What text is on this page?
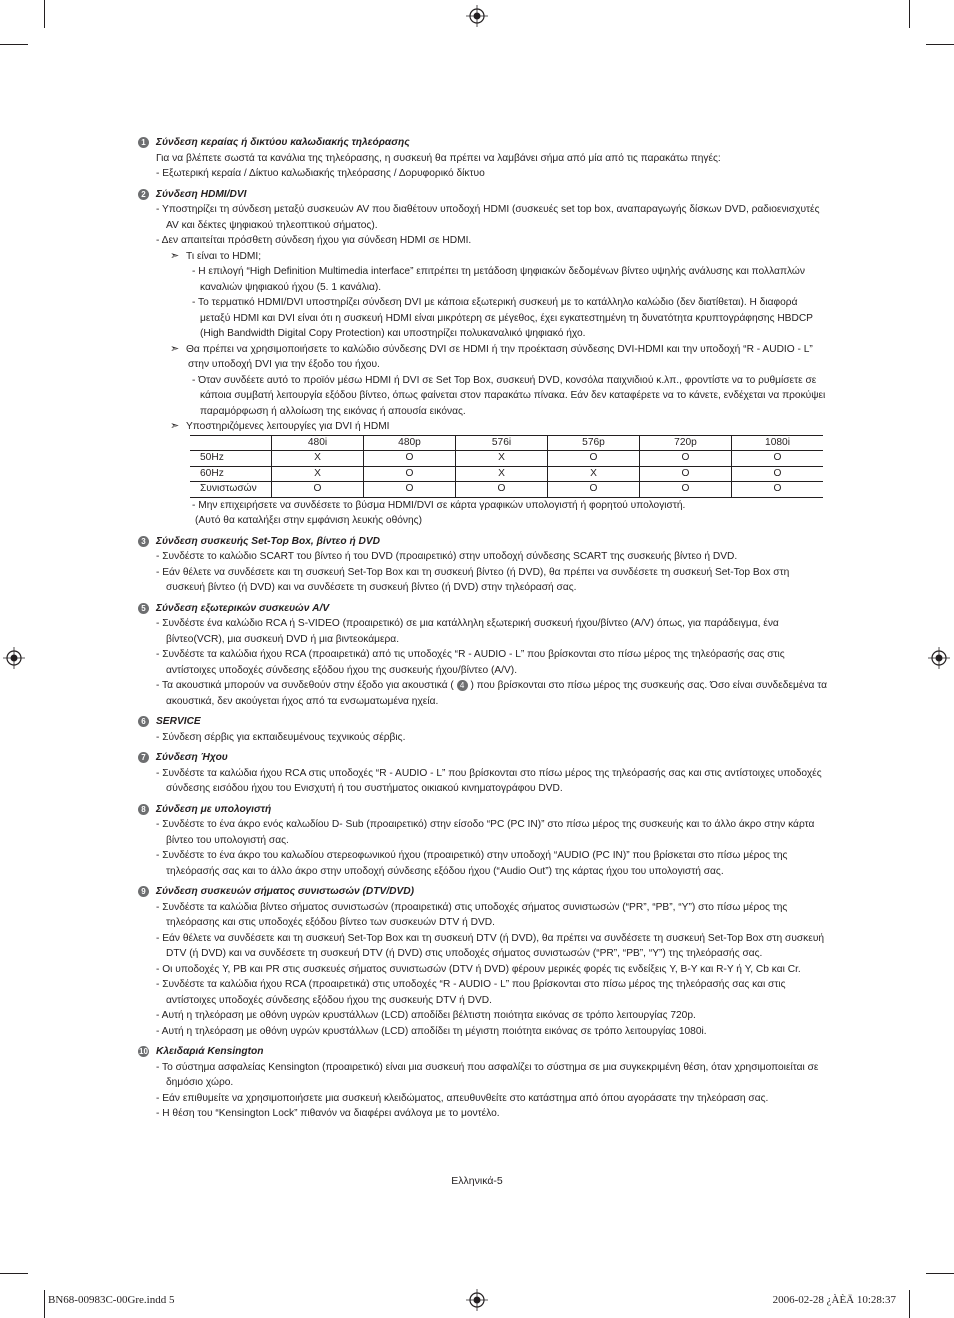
1	Σύνδεση κεραίας ή δικτύου καλωδιακής τηλεόρασης
Για να βλέπετε σωστά τα κανάλια της τηλεόρασης, η συσκευή θα πρέπει να λαμβάνει σήμα από μία από τις παρακάτω πηγές:
- Εξωτερική κεραία / Δίκτυο καλωδιακής τηλεόρασης / Δορυφορικό δίκτυο
2	Σύνδεση HDMI/DVI
- Υποστηρίζει τη σύνδεση μεταξύ συσκευών AV που διαθέτουν υποδοχή HDMI (συσκευές set top box, αναπαραγωγής δίσκων DVD, ραδιοενισχυτές AV και δέκτες ψηφιακού τηλεοπτικού σήματος).
- Δεν απαιτείται πρόσθετη σύνδεση ήχου για σύνδεση HDMI σε HDMI.
➣ Τι είναι το HDMI;
- Η επιλογή “High Definition Multimedia interface” επιτρέπει τη μετάδοση ψηφιακών δεδομένων βίντεο υψηλής ανάλυσης και πολλαπλών καναλιών ψηφιακού ήχου (5. 1 κανάλια).
- Το τερματικό HDMI/DVI υποστηρίζει σύνδεση DVI με κάποια εξωτερική συσκευή με το κατάλληλο καλώδιο (δεν διατίθεται). Η διαφορά μεταξύ HDMI και DVI είναι ότι η συσκευή HDMI είναι μικρότερη σε μέγεθος, έχει εγκατεστημένη τη δυνατότητα κρυπτογράφησης HBDCP (High Bandwidth Digital Copy Protection) και υποστηρίζει πολυκαναλικό ψηφιακό ήχο.
➣ Θα πρέπει να χρησιμοποιήσετε το καλώδιο σύνδεσης DVI σε HDMI ή την προέκταση σύνδεσης DVI-HDMI και την υποδοχή “R - AUDIO - L” στην υποδοχή DVI για την έξοδο του ήχου.
- Όταν συνδέετε αυτό το προϊόν μέσω HDMI ή DVI σε Set Top Box, συσκευή DVD, κονσόλα παιχνιδιού κ.λπ., φροντίστε να το ρυθμίσετε σε κάποια συμβατή λειτουργία εξόδου βίντεο, όπως φαίνεται στον παρακάτω πίνακα. Εάν δεν καταφέρετε να το κάνετε, ενδέχεται να προκύψει παραμόρφωση ή αλλοίωση της εικόνας ή απουσία εικόνας.
➣ Υποστηριζόμενες λειτουργίες για DVI ή HDMI
	480i	480p	576i	576p	720p	1080i
50Hz	X	O	X	O	O	O
60Hz	X	O	X	X	O	O
Συνιστωσών	O	O	O	O	O	O
- Μην επιχειρήσετε να συνδέσετε το βύσμα HDMI/DVI σε κάρτα γραφικών υπολογιστή ή φορητού υπολογιστή.
(Αυτό θα καταλήξει στην εμφάνιση λευκής οθόνης)
3	Σύνδεση συσκευής Set-Top Box, βίντεο ή DVD
- Συνδέστε το καλώδιο SCART του βίντεο ή του DVD (προαιρετικό) στην υποδοχή σύνδεσης SCART της συσκευής βίντεο ή DVD.
- Εάν θέλετε να συνδέσετε και τη συσκευή Set-Top Box και τη συσκευή βίντεο (ή DVD), θα πρέπει να συνδέσετε τη συσκευή Set-Top Box στη συσκευή βίντεο (ή DVD) και να συνδέσετε τη συσκευή βίντεο (ή DVD) στην τηλεόρασή σας.
5	Σύνδεση εξωτερικών συσκευών A/V
- Συνδέστε ένα καλώδιο RCA ή S-VIDEO (προαιρετικό) σε μια κατάλληλη εξωτερική συσκευή ήχου/βίντεο (A/V) όπως, για παράδειγμα, ένα βίντεο(VCR), μια συσκευή DVD ή μια βιντεοκάμερα.
- Συνδέστε τα καλώδια ήχου RCA (προαιρετικά) από τις υποδοχές “R - AUDIO - L” που βρίσκονται στο πίσω μέρος της τηλεόρασής σας στις αντίστοιχες υποδοχές σύνδεσης εξόδου ήχου της συσκευής ήχου/βίντεο (A/V).
- Τα ακουστικά μπορούν να συνδεθούν στην έξοδο για ακουστικά ( 4 ) που βρίσκονται στο πίσω μέρος της συσκευής σας. Όσο είναι συνδεδεμένα τα ακουστικά, δεν ακούγεται ήχος από τα ενσωματωμένα ηχεία.
6	SERVICE
- Σύνδεση σέρβις για εκπαιδευμένους τεχνικούς σέρβις.
7	Σύνδεση Ήχου
- Συνδέστε τα καλώδια ήχου RCA στις υποδοχές “R - AUDIO - L” που βρίσκονται στο πίσω μέρος της τηλεόρασής σας και στις αντίστοιχες υποδοχές σύνδεσης εισόδου ήχου του Ενισχυτή ή του συστήματος οικιακού κινηματογράφου DVD.
8	Σύνδεση με υπολογιστή
- Συνδέστε το ένα άκρο ενός καλωδίου D- Sub (προαιρετικό) στην είσοδο “PC (PC IN)” στο πίσω μέρος της συσκευής και το άλλο άκρο στην κάρτα βίντεο του υπολογιστή σας.
- Συνδέστε το ένα άκρο του καλωδίου στερεοφωνικού ήχου (προαιρετικό) στην υποδοχή “AUDIO (PC IN)” που βρίσκεται στο πίσω μέρος της τηλεόρασής σας και το άλλο άκρο στην υποδοχή σύνδεσης εξόδου ήχου (“Audio Out”) της κάρτας ήχου του υπολογιστή σας.
9	Σύνδεση συσκευών σήματος συνιστωσών (DTV/DVD)
- Συνδέστε τα καλώδια βίντεο σήματος συνιστωσών (προαιρετικά) στις υποδοχές σήματος συνιστωσών (“PR”, “PB”, “Y”) στο πίσω μέρος της τηλεόρασης και στις υποδοχές εξόδου βίντεο των συσκευών DTV ή DVD.
- Εάν θέλετε να συνδέσετε και τη συσκευή Set-Top Box και τη συσκευή DTV (ή DVD), θα πρέπει να συνδέσετε τη συσκευή Set-Top Box στη συσκευή DTV (ή DVD) και να συνδέσετε τη συσκευή DTV (ή DVD) στις υποδοχές σήματος συνιστωσών (“PR”, “PB”, “Y”) της τηλεόρασής σας.
- Οι υποδοχές Y, PB και PR στις συσκευές σήματος συνιστωσών (DTV ή DVD) φέρουν μερικές φορές τις ενδείξεις Y, B-Y και R-Y ή Y, Cb και Cr.
- Συνδέστε τα καλώδια ήχου RCA (προαιρετικά) στις υποδοχές “R - AUDIO - L” που βρίσκονται στο πίσω μέρος της τηλεόρασής σας και στις αντίστοιχες υποδοχές σύνδεσης εξόδου ήχου της συσκευής DTV ή DVD.
- Αυτή η τηλεόραση με οθόνη υγρών κρυστάλλων (LCD) αποδίδει βέλτιστη ποιότητα εικόνας σε τρόπο λειτουργίας 720p.
- Αυτή η τηλεόραση με οθόνη υγρών κρυστάλλων (LCD) αποδίδει τη μέγιστη ποιότητα εικόνας σε τρόπο λειτουργίας 1080i.
10 Κλειδαριά Kensington
- Το σύστημα ασφαλείας Kensington (προαιρετικό) είναι μια συσκευή που ασφαλίζει το σύστημα σε μια συγκεκριμένη θέση, όταν χρησιμοποιείται σε δημόσιο χώρο.
- Εάν επιθυμείτε να χρησιμοποιήσετε μια συσκευή κλειδώματος, απευθυνθείτε στο κατάστημα από όπου αγοράσατε την τηλεόραση σας.
- Η θέση του “Kensington Lock” πιθανόν να διαφέρει ανάλογα με το μοντέλο.
Ελληνικά-5
BN68-00983C-00Gre.indd 5	2006-02-28 ¿ÀÈÄ 10:28:37
